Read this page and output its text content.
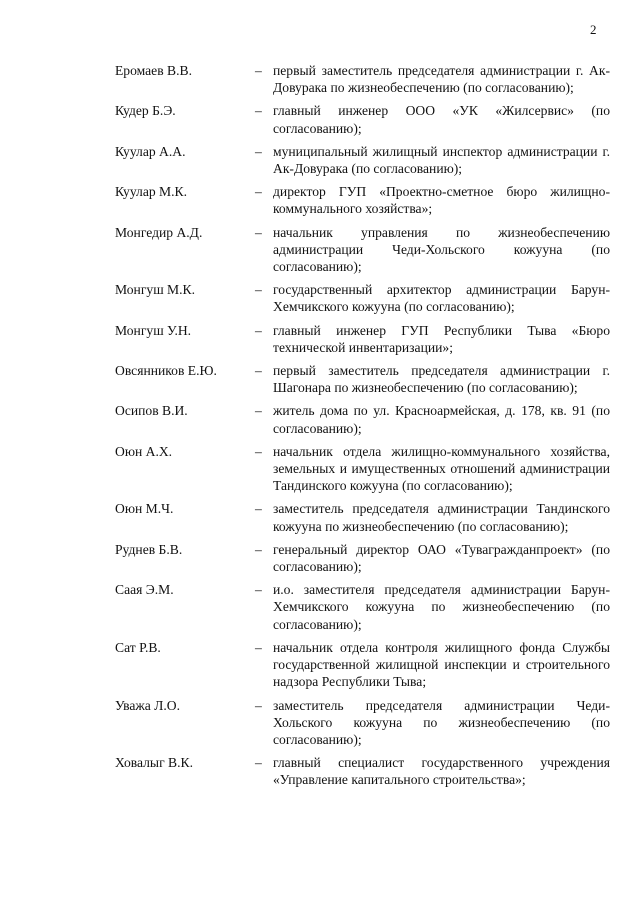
2
Еромаев В.В.	– первый заместитель председателя администрации г. Ак-Довурака по жизнеобеспечению (по согласованию);
Кудер Б.Э.	– главный инженер ООО «УК «Жилсервис» (по согласованию);
Куулар А.А.	– муниципальный жилищный инспектор администрации г. Ак-Довурака (по согласованию);
Куулар М.К.	– директор ГУП «Проектно-сметное бюро жилищно-коммунального хозяйства»;
Монгедир А.Д.	– начальник управления по жизнеобеспечению администрации Чеди-Хольского кожууна (по согласованию);
Монгуш М.К.	– государственный архитектор администрации Барун-Хемчикского кожууна (по согласованию);
Монгуш У.Н.	– главный инженер ГУП Республики Тыва «Бюро технической инвентаризации»;
Овсянников Е.Ю.	– первый заместитель председателя администрации г. Шагонара по жизнеобеспечению (по согласованию);
Осипов В.И.	– житель дома по ул. Красноармейская, д. 178, кв. 91 (по согласованию);
Оюн А.Х.	– начальник отдела жилищно-коммунального хозяйства, земельных и имущественных отношений администрации Тандинского кожууна (по согласованию);
Оюн М.Ч.	– заместитель председателя администрации Тандинского кожууна по жизнеобеспечению (по согласованию);
Руднев Б.В.	– генеральный директор ОАО «Тувагражданпроект» (по согласованию);
Саая Э.М.	– и.о. заместителя председателя администрации Барун-Хемчикского кожууна по жизнеобеспечению (по согласованию);
Сат Р.В.	– начальник отдела контроля жилищного фонда Службы государственной жилищной инспекции и строительного надзора Республики Тыва;
Уважа Л.О.	– заместитель председателя администрации Чеди-Хольского кожууна по жизнеобеспечению (по согласованию);
Ховалыг В.К.	– главный специалист государственного учреждения «Управление капитального строительства»;
